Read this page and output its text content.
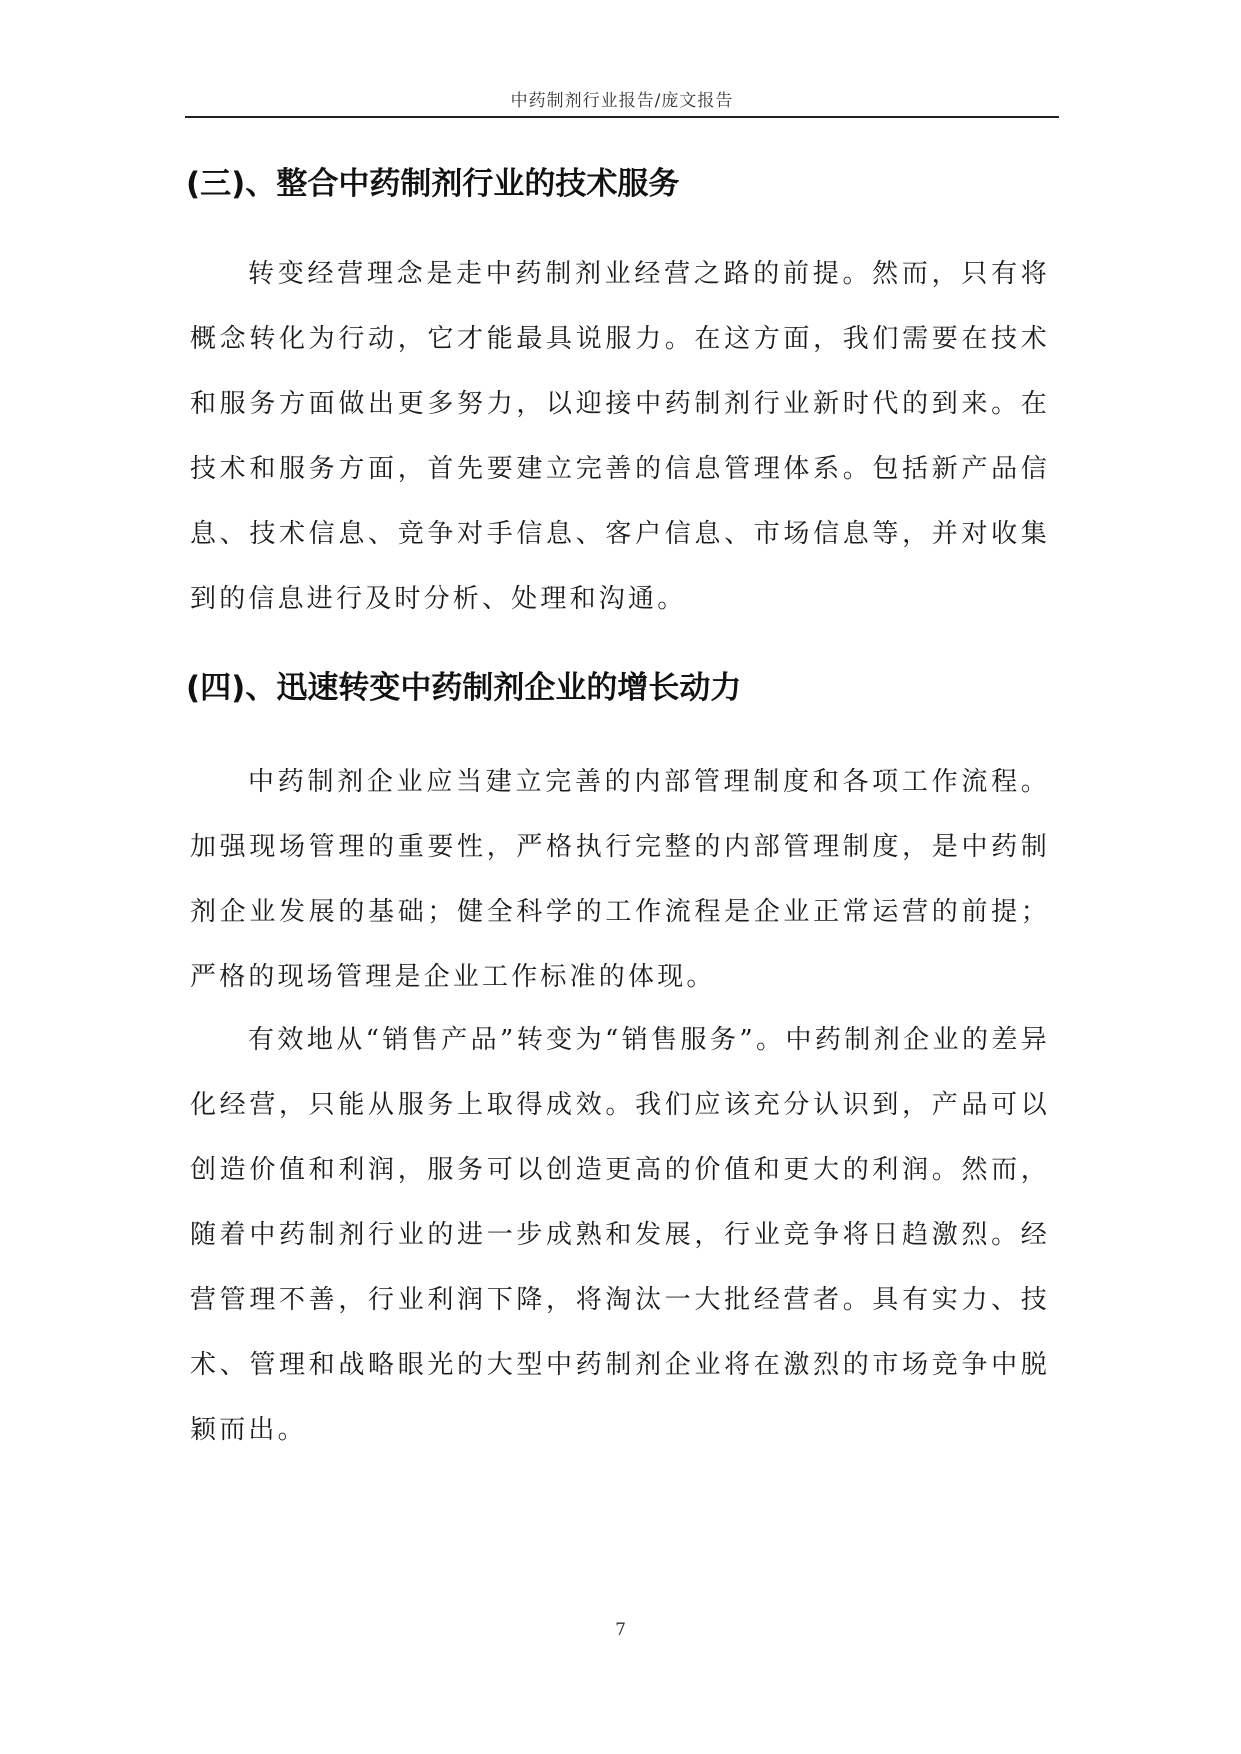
中药制剂行业报告/庞文报告
(三)、整合中药制剂行业的技术服务

转变经营理念是走中药制剂业经营之路的前提。然而，只有将概念转化为行动，它才能最具说服力。在这方面，我们需要在技术和服务方面做出更多努力，以迎接中药制剂行业新时代的到来。在技术和服务方面，首先要建立完善的信息管理体系。包括新产品信息、技术信息、竞争对手信息、客户信息、市场信息等，并对收集到的信息进行及时分析、处理和沟通。

(四)、迅速转变中药制剂企业的增长动力

中药制剂企业应当建立完善的内部管理制度和各项工作流程。加强现场管理的重要性，严格执行完整的内部管理制度，是中药制剂企业发展的基础；健全科学的工作流程是企业正常运营的前提；严格的现场管理是企业工作标准的体现。

有效地从“销售产品”转变为“销售服务”。中药制剂企业的差异化经营，只能从服务上取得成效。我们应该充分认识到，产品可以创造价值和利润，服务可以创造更高的价值和更大的利润。然而，随着中药制剂行业的进一步成熟和发展，行业竞争将日趋激烈。经营管理不善，行业利润下降，将淘汰一大批经营者。具有实力、技术、管理和战略眼光的大型中药制剂企业将在激烈的市场竞争中脱颖而出。

7
